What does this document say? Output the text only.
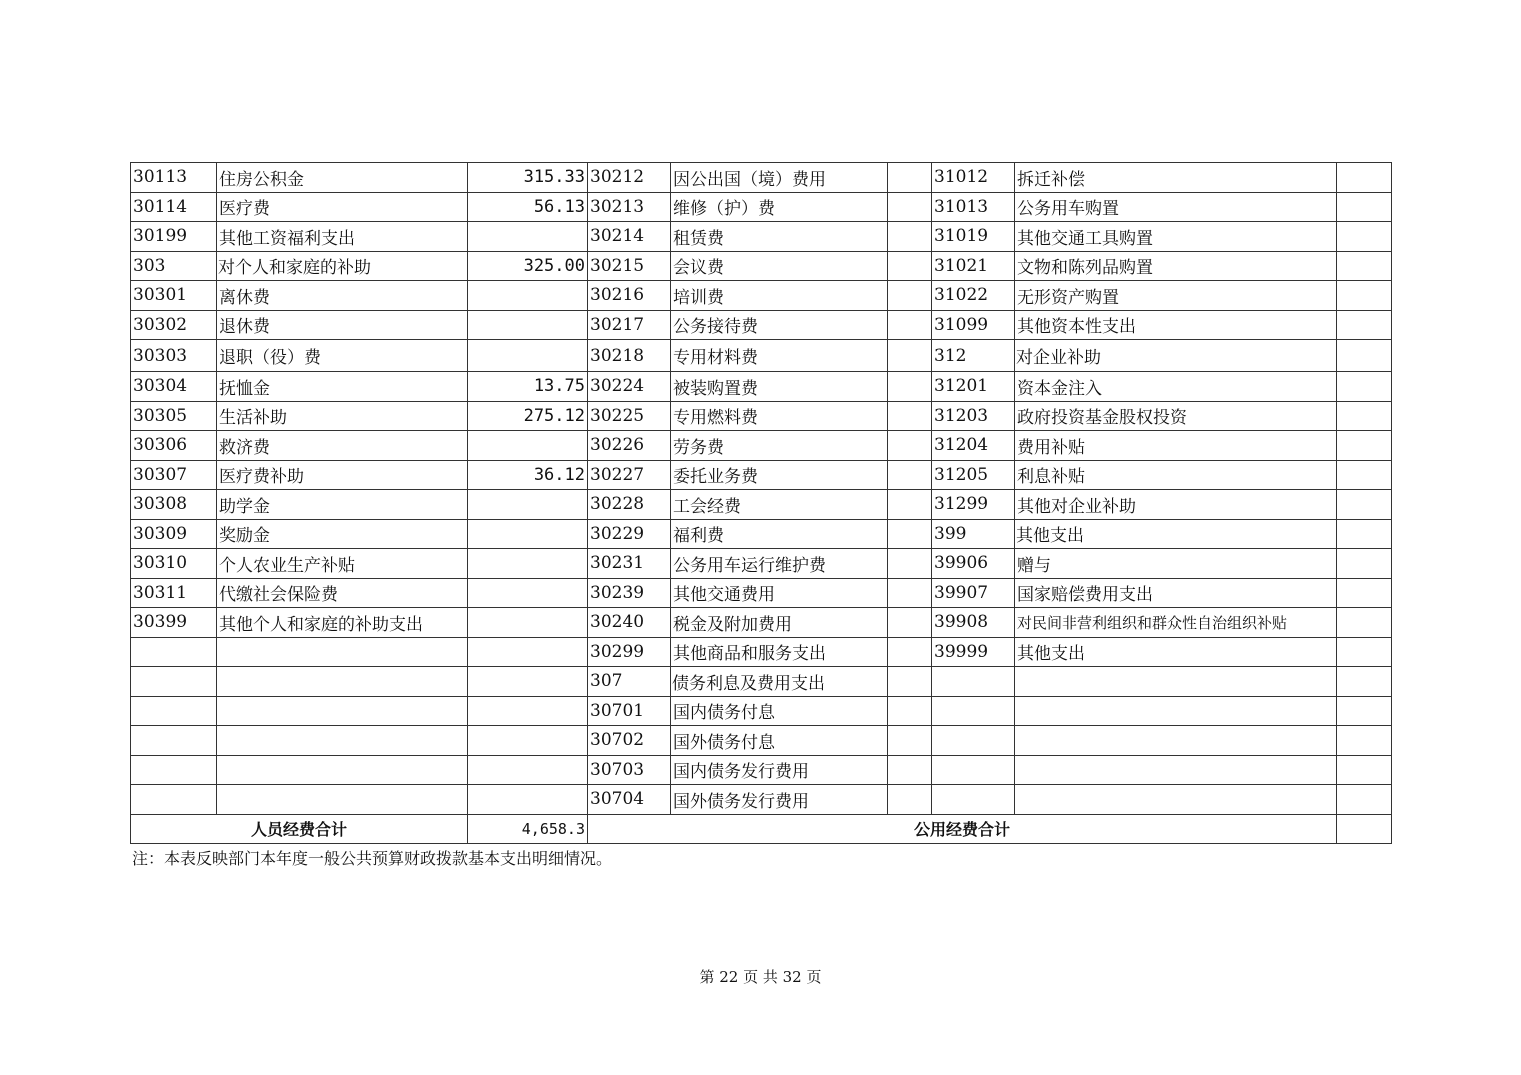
30113	住房公积金	315.33	30212	因公出国（境）费用		31012	拆迁补偿	
30114	医疗费	56.13	30213	维修（护）费		31013	公务用车购置	
30199	其他工资福利支出		30214	租赁费		31019	其他交通工具购置	
303	对个人和家庭的补助	325.00	30215	会议费		31021	文物和陈列品购置	
30301	离休费		30216	培训费		31022	无形资产购置	
30302	退休费		30217	公务接待费		31099	其他资本性支出	
30303	退职（役）费		30218	专用材料费		312	对企业补助	
30304	抚恤金	13.75	30224	被装购置费		31201	资本金注入	
30305	生活补助	275.12	30225	专用燃料费		31203	政府投资基金股权投资	
30306	救济费		30226	劳务费		31204	费用补贴	
30307	医疗费补助	36.12	30227	委托业务费		31205	利息补贴	
30308	助学金		30228	工会经费		31299	其他对企业补助	
30309	奖励金		30229	福利费		399	其他支出	
30310	个人农业生产补贴		30231	公务用车运行维护费		39906	赠与	
30311	代缴社会保险费		30239	其他交通费用		39907	国家赔偿费用支出	
30399	其他个人和家庭的补助支出		30240	税金及附加费用		39908	对民间非营利组织和群众性自治组织补贴	
			30299	其他商品和服务支出		39999	其他支出	
			307	债务利息及费用支出				
			30701	国内债务付息				
			30702	国外债务付息				
			30703	国内债务发行费用				
			30704	国外债务发行费用				
人员经费合计		4,658.3	公用经费合计					
注：本表反映部门本年度一般公共预算财政拨款基本支出明细情况。
第 22 页 共 32 页
